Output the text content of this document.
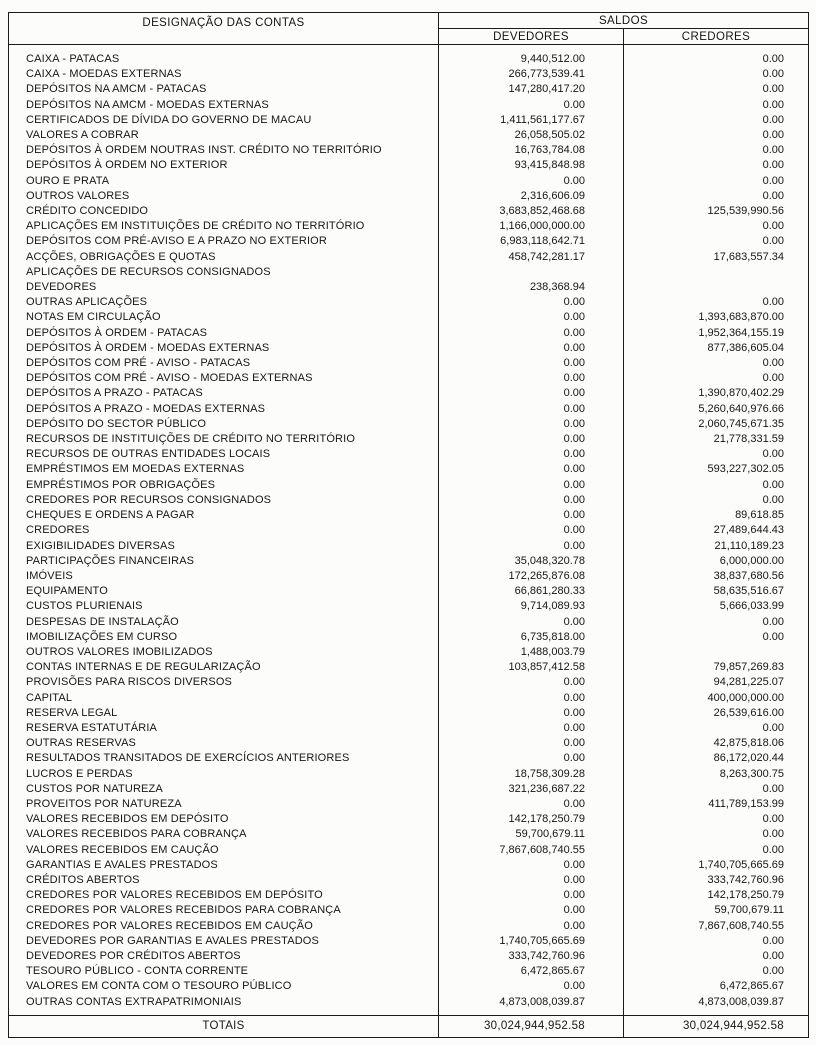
DESIGNAÇÃO DAS CONTAS	SALDOS	
	DEVEDORES	CREDORES
CAIXA - PATACAS	9,440,512.00	0.00
CAIXA - MOEDAS EXTERNAS	266,773,539.41	0.00
DEPÓSITOS NA AMCM - PATACAS	147,280,417.20	0.00
DEPÓSITOS NA AMCM - MOEDAS EXTERNAS	0.00	0.00
CERTIFICADOS DE DÍVIDA DO GOVERNO DE MACAU	1,411,561,177.67	0.00
VALORES A COBRAR	26,058,505.02	0.00
DEPÓSITOS À ORDEM NOUTRAS INST. CRÉDITO NO TERRITÓRIO	16,763,784.08	0.00
DEPÓSITOS À ORDEM NO EXTERIOR	93,415,848.98	0.00
OURO E PRATA	0.00	0.00
OUTROS VALORES	2,316,606.09	0.00
CRÉDITO CONCEDIDO	3,683,852,468.68	125,539,990.56
APLICAÇÕES EM INSTITUIÇÕES DE CRÉDITO NO TERRITÓRIO	1,166,000,000.00	0.00
DEPÓSITOS COM PRÉ-AVISO E A PRAZO NO EXTERIOR	6,983,118,642.71	0.00
ACÇÕES, OBRIGAÇÕES E QUOTAS	458,742,281.17	17,683,557.34
APLICAÇÕES DE RECURSOS CONSIGNADOS		
DEVEDORES	238,368.94	
OUTRAS APLICAÇÕES	0.00	0.00
NOTAS EM CIRCULAÇÃO	0.00	1,393,683,870.00
DEPÓSITOS À ORDEM - PATACAS	0.00	1,952,364,155.19
DEPÓSITOS À ORDEM - MOEDAS EXTERNAS	0.00	877,386,605.04
DEPÓSITOS COM PRÉ - AVISO - PATACAS	0.00	0.00
DEPÓSITOS COM PRÉ - AVISO - MOEDAS EXTERNAS	0.00	0.00
DEPÓSITOS A PRAZO - PATACAS	0.00	1,390,870,402.29
DEPÓSITOS A PRAZO - MOEDAS EXTERNAS	0.00	5,260,640,976.66
DEPÓSITO DO SECTOR PÚBLICO	0.00	2,060,745,671.35
RECURSOS DE INSTITUIÇÕES DE CRÉDITO NO TERRITÓRIO	0.00	21,778,331.59
RECURSOS DE OUTRAS ENTIDADES LOCAIS	0.00	0.00
EMPRÉSTIMOS EM MOEDAS EXTERNAS	0.00	593,227,302.05
EMPRÉSTIMOS POR OBRIGAÇÕES	0.00	0.00
CREDORES POR RECURSOS CONSIGNADOS	0.00	0.00
CHEQUES E ORDENS A PAGAR	0.00	89,618.85
CREDORES	0.00	27,489,644.43
EXIGIBILIDADES DIVERSAS	0.00	21,110,189.23
PARTICIPAÇÕES FINANCEIRAS	35,048,320.78	6,000,000.00
IMÓVEIS	172,265,876.08	38,837,680.56
EQUIPAMENTO	66,861,280.33	58,635,516.67
CUSTOS PLURIENAIS	9,714,089.93	5,666,033.99
DESPESAS DE INSTALAÇÃO	0.00	0.00
IMOBILIZAÇÕES EM CURSO	6,735,818.00	0.00
OUTROS VALORES IMOBILIZADOS	1,488,003.79	
CONTAS INTERNAS E DE REGULARIZAÇÃO	103,857,412.58	79,857,269.83
PROVISÕES PARA RISCOS DIVERSOS	0.00	94,281,225.07
CAPITAL	0.00	400,000,000.00
RESERVA LEGAL	0.00	26,539,616.00
RESERVA ESTATUTÁRIA	0.00	0.00
OUTRAS RESERVAS	0.00	42,875,818.06
RESULTADOS TRANSITADOS DE EXERCÍCIOS ANTERIORES	0.00	86,172,020.44
LUCROS E PERDAS	18,758,309.28	8,263,300.75
CUSTOS POR NATUREZA	321,236,687.22	0.00
PROVEITOS POR NATUREZA	0.00	411,789,153.99
VALORES RECEBIDOS EM DEPÓSITO	142,178,250.79	0.00
VALORES RECEBIDOS PARA COBRANÇA	59,700,679.11	0.00
VALORES RECEBIDOS EM CAUÇÃO	7,867,608,740.55	0.00
GARANTIAS E AVALES PRESTADOS	0.00	1,740,705,665.69
CRÉDITOS ABERTOS	0.00	333,742,760.96
CREDORES POR VALORES RECEBIDOS EM DEPÓSITO	0.00	142,178,250.79
CREDORES POR VALORES RECEBIDOS PARA COBRANÇA	0.00	59,700,679.11
CREDORES POR VALORES RECEBIDOS EM CAUÇÃO	0.00	7,867,608,740.55
DEVEDORES POR GARANTIAS E AVALES PRESTADOS	1,740,705,665.69	0.00
DEVEDORES POR CRÉDITOS ABERTOS	333,742,760.96	0.00
TESOURO PÚBLICO - CONTA CORRENTE	6,472,865.67	0.00
VALORES EM CONTA COM O TESOURO PÚBLICO	0.00	6,472,865.67
OUTRAS CONTAS EXTRAPATRIMONIAIS	4,873,008,039.87	4,873,008,039.87
TOTAIS	30,024,944,952.58	30,024,944,952.58
